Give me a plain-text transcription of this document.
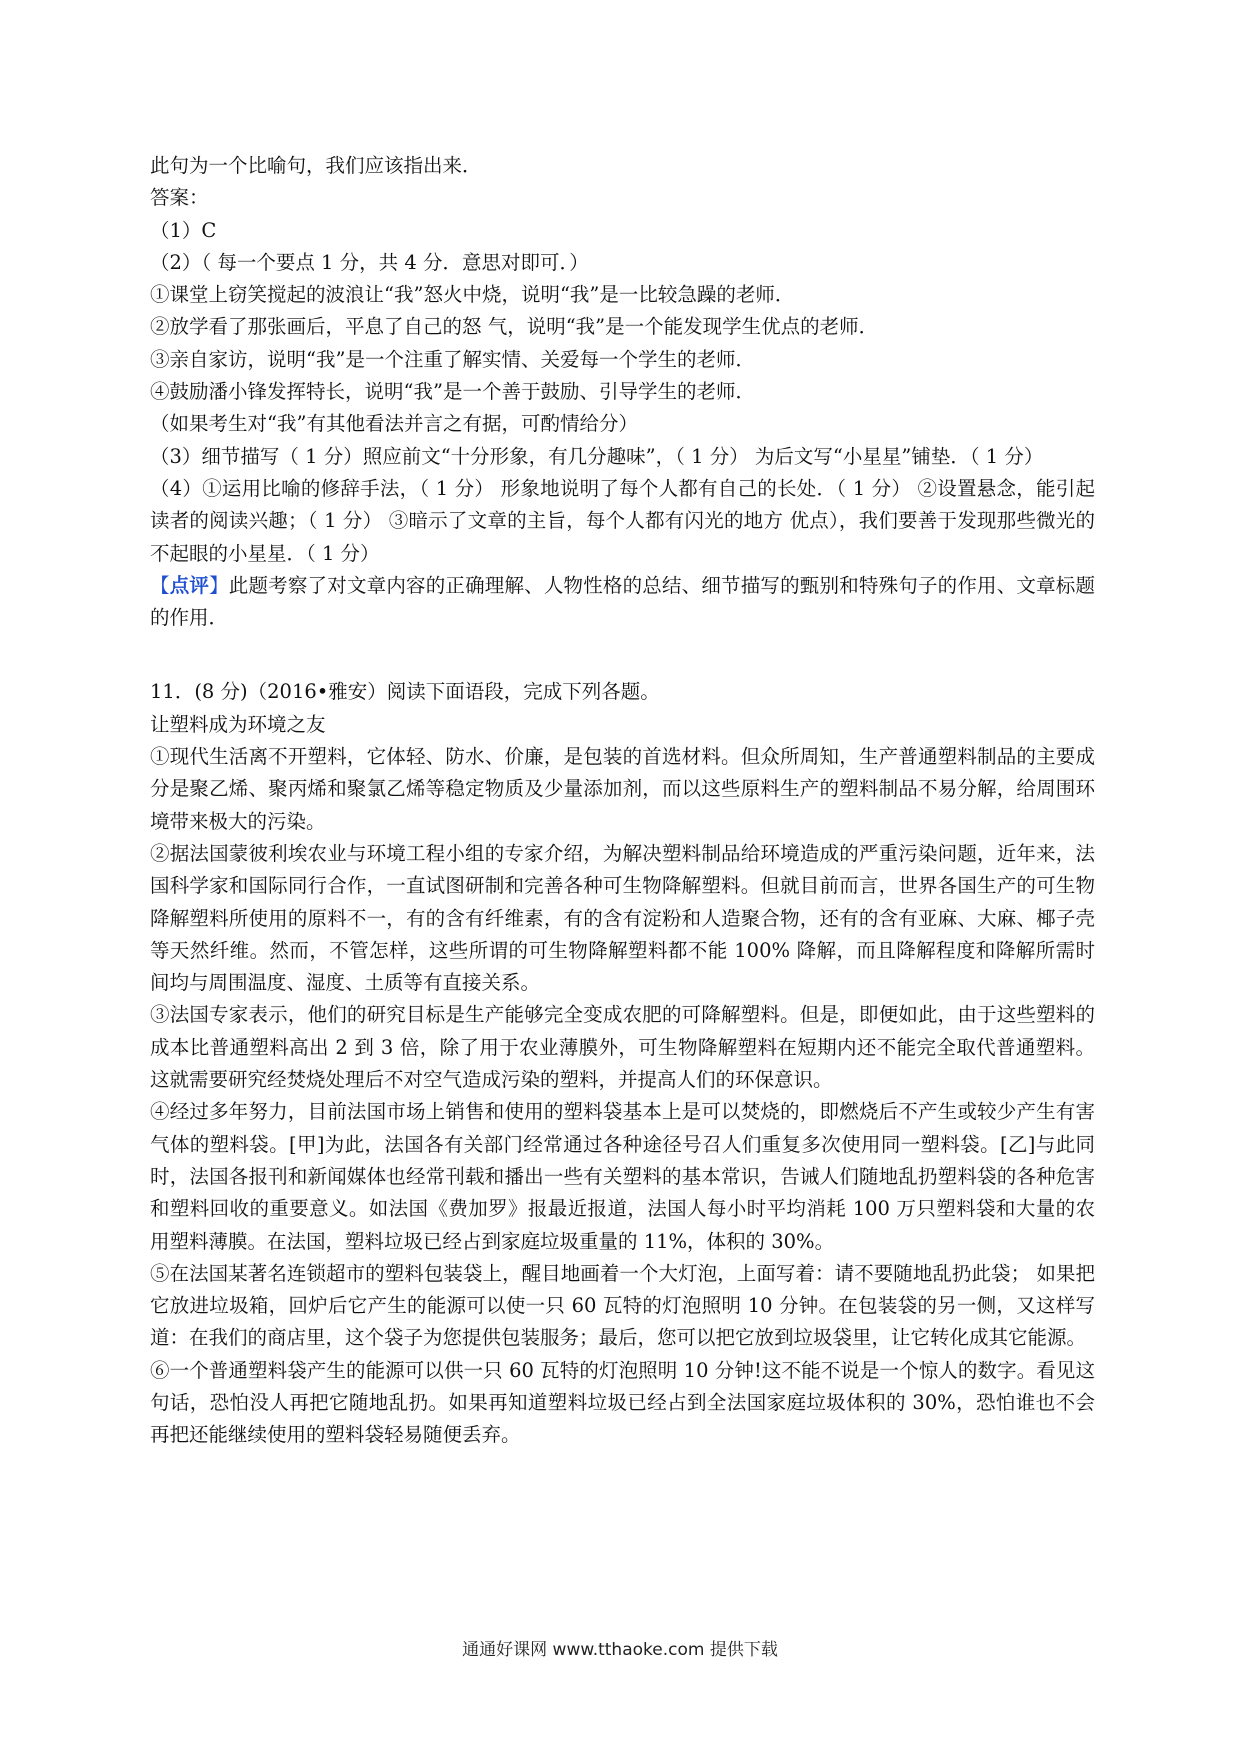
此句为一个比喻句，我们应该指出来．

答案：

（1）C

（2）（ 每一个要点 1 分，共 4 分．意思对即可．）

①课堂上窃笑搅起的波浪让“我”怒火中烧，说明“我”是一比较急躁的老师．

②放学看了那张画后，平息了自己的怒 气，说明“我”是一个能发现学生优点的老师．

③亲自家访，说明“我”是一个注重了解实情、关爱每一个学生的老师．

④鼓励潘小锋发挥特长，说明“我”是一个善于鼓励、引导学生的老师．

（如果考生对“我”有其他看法并言之有据，可酌情给分）

（3）细节描写（ 1 分）照应前文“十分形象，有几分趣味”，（ 1 分） 为后文写“小星星”铺垫．（ 1 分）

（4）①运用比喻的修辞手法，（ 1 分） 形象地说明了每个人都有自己的长处．（ 1 分） ②设置悬念，能引起读者的阅读兴趣；（ 1 分） ③暗示了文章的主旨，每个人都有闪光的地方 优点），我们要善于发现那些微光的不起眼的小星星．（ 1 分）

【点评】此题考察了对文章内容的正确理解、人物性格的总结、细节描写的甄别和特殊句子的作用、文章标题的作用．

11．(8 分)（2016•雅安）阅读下面语段，完成下列各题。

让塑料成为环境之友

①现代生活离不开塑料，它体轻、防水、价廉，是包装的首选材料。但众所周知，生产普通塑料制品的主要成分是聚乙烯、聚丙烯和聚氯乙烯等稳定物质及少量添加剂，而以这些原料生产的塑料制品不易分解，给周围环境带来极大的污染。

②据法国蒙彼利埃农业与环境工程小组的专家介绍，为解决塑料制品给环境造成的严重污染问题，近年来，法国科学家和国际同行合作，一直试图研制和完善各种可生物降解塑料。但就目前而言，世界各国生产的可生物降解塑料所使用的原料不一，有的含有纤维素，有的含有淀粉和人造聚合物，还有的含有亚麻、大麻、椰子壳等天然纤维。然而，不管怎样，这些所谓的可生物降解塑料都不能 100% 降解，而且降解程度和降解所需时间均与周围温度、湿度、土质等有直接关系。

③法国专家表示，他们的研究目标是生产能够完全变成农肥的可降解塑料。但是，即便如此，由于这些塑料的成本比普通塑料高出 2 到 3 倍，除了用于农业薄膜外，可生物降解塑料在短期内还不能完全取代普通塑料。这就需要研究经焚烧处理后不对空气造成污染的塑料，并提高人们的环保意识。

④经过多年努力，目前法国市场上销售和使用的塑料袋基本上是可以焚烧的，即燃烧后不产生或较少产生有害气体的塑料袋。[甲]为此，法国各有关部门经常通过各种途径号召人们重复多次使用同一塑料袋。[乙]与此同时，法国各报刊和新闻媒体也经常刊载和播出一些有关塑料的基本常识，告诫人们随地乱扔塑料袋的各种危害和塑料回收的重要意义。如法国《费加罗》报最近报道，法国人每小时平均消耗 100 万只塑料袋和大量的农用塑料薄膜。在法国，塑料垃圾已经占到家庭垃圾重量的 11%，体积的 30%。

⑤在法国某著名连锁超市的塑料包装袋上，醒目地画着一个大灯泡，上面写着：请不要随地乱扔此袋； 如果把它放进垃圾箱，回炉后它产生的能源可以使一只 60 瓦特的灯泡照明 10 分钟。在包装袋的另一侧，又这样写道：在我们的商店里，这个袋子为您提供包装服务；最后，您可以把它放到垃圾袋里，让它转化成其它能源。

⑥一个普通塑料袋产生的能源可以供一只 60 瓦特的灯泡照明 10 分钟!这不能不说是一个惊人的数字。看见这句话，恐怕没人再把它随地乱扔。如果再知道塑料垃圾已经占到全法国家庭垃圾体积的 30%，恐怕谁也不会再把还能继续使用的塑料袋轻易随便丢弃。

通通好课网 www.tthaoke.com 提供下载
